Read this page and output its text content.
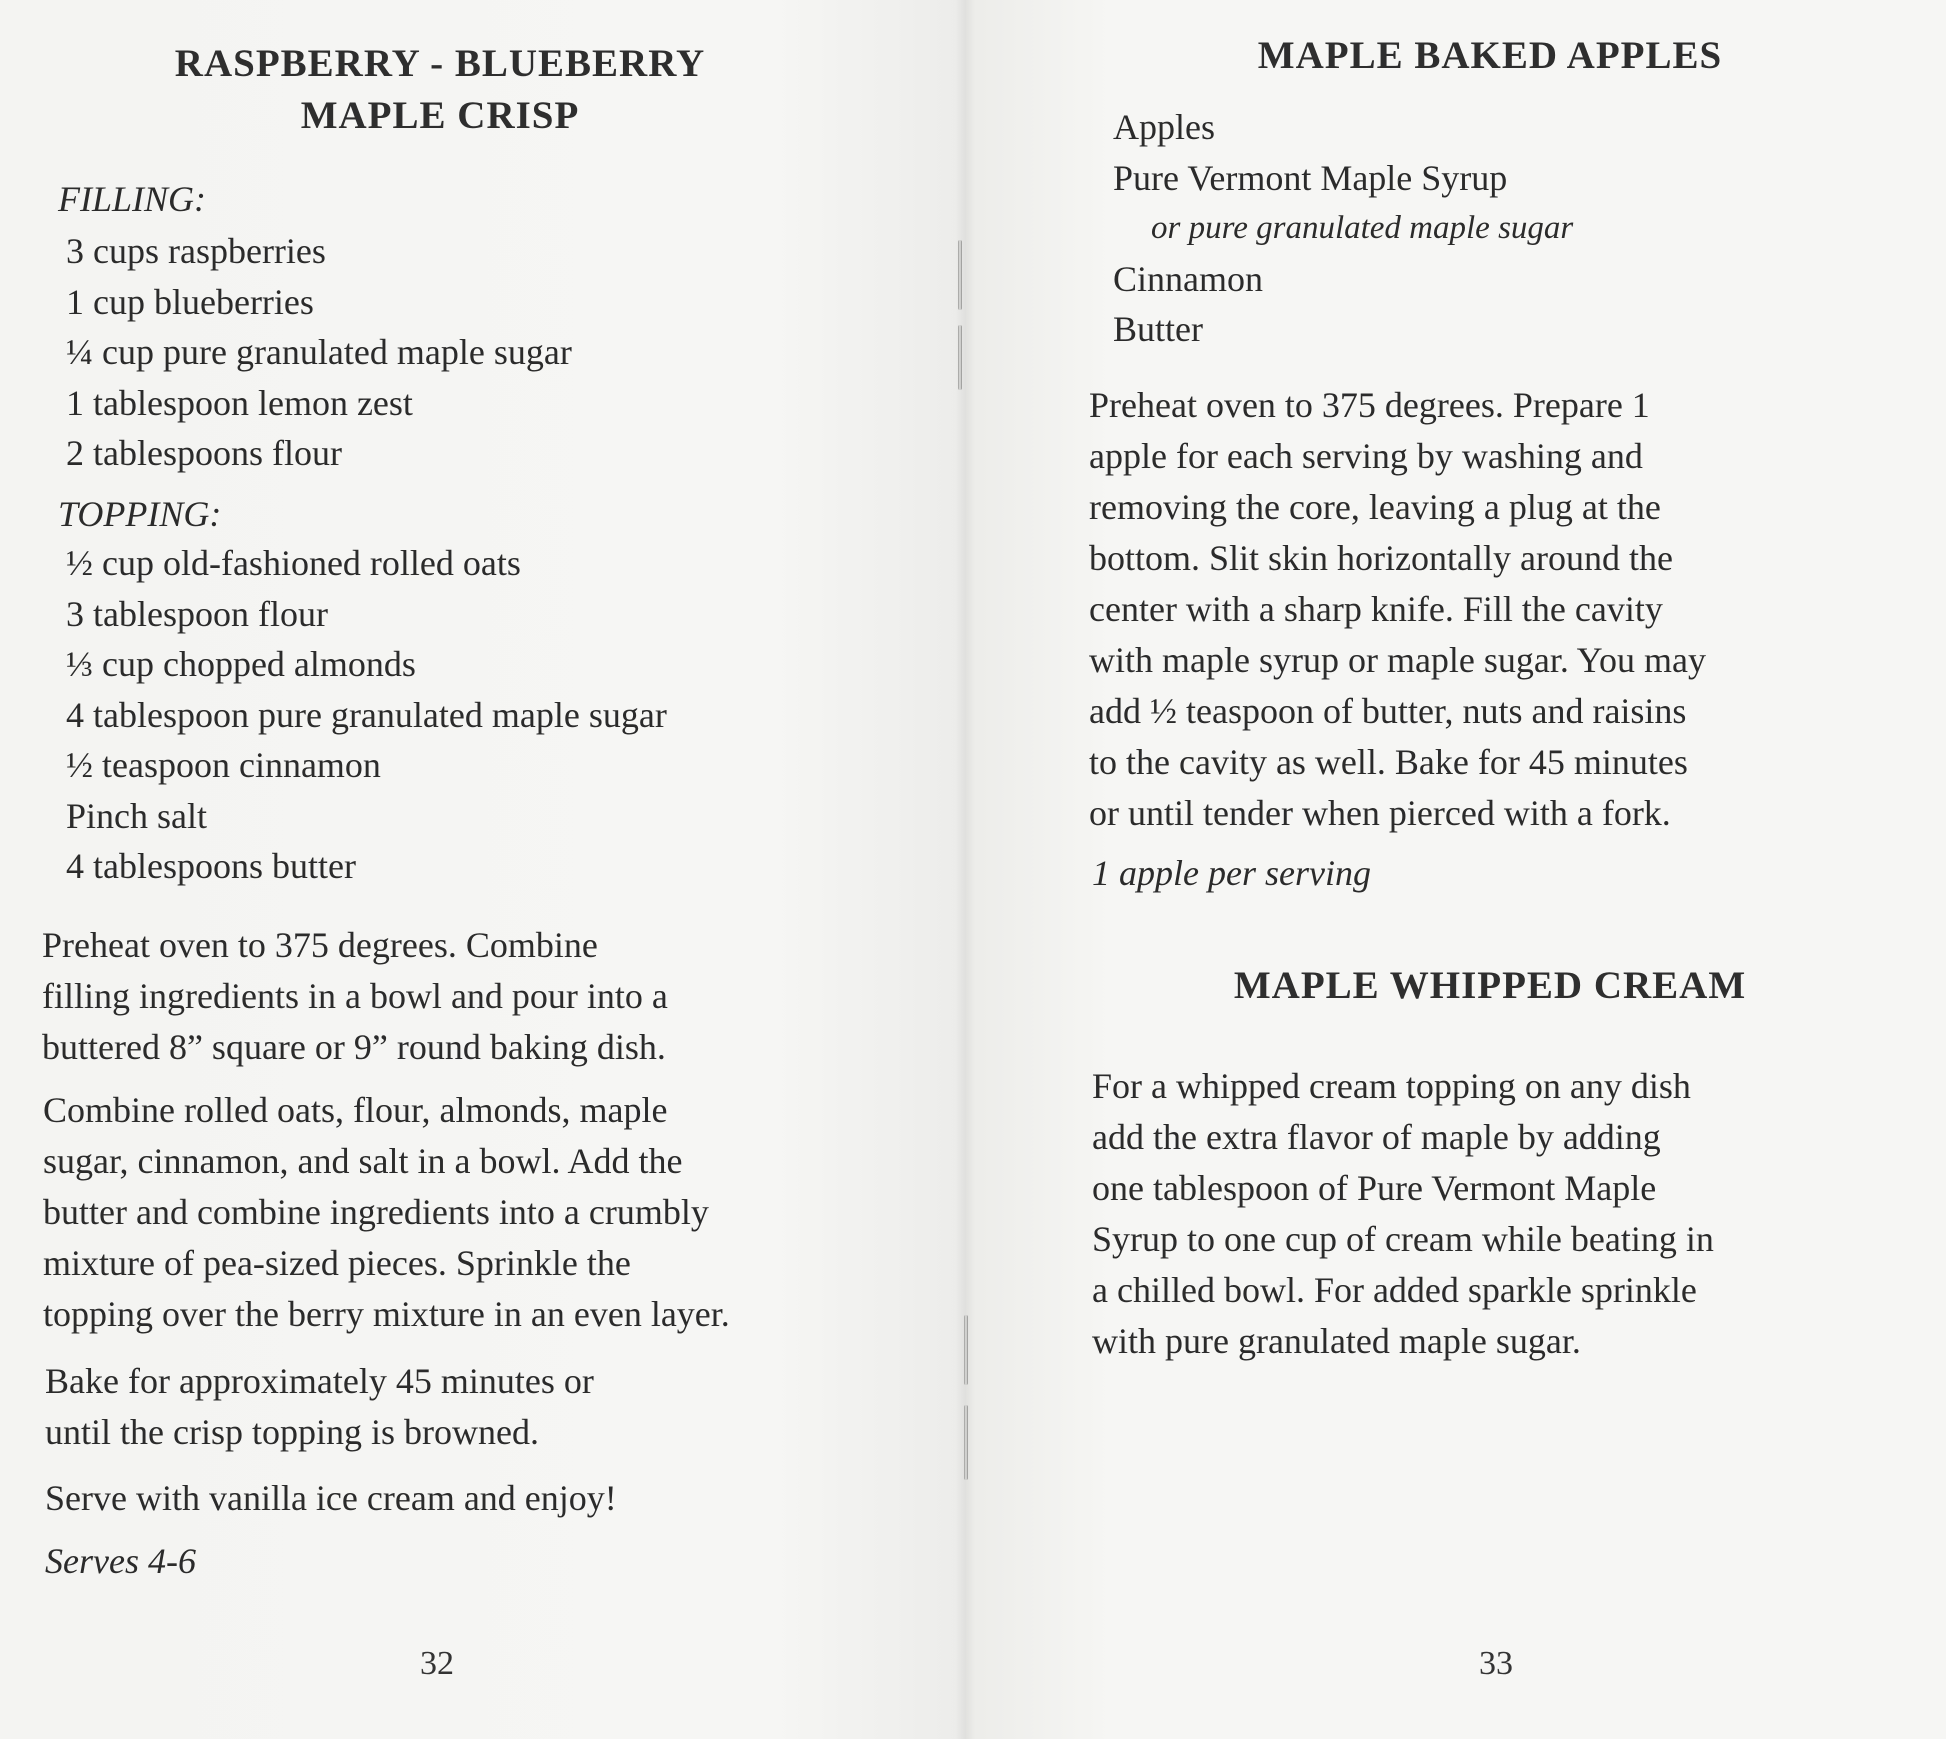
RASPBERRY - BLUEBERRY
MAPLE CRISP

FILLING:

3 cups raspberries
1 cup blueberries
¼ cup pure granulated maple sugar
1 tablespoon lemon zest
2 tablespoons flour

TOPPING:

½ cup old-fashioned rolled oats
3 tablespoon flour
⅓ cup chopped almonds
4 tablespoon pure granulated maple sugar
½ teaspoon cinnamon
Pinch salt
4 tablespoons butter
Preheat oven to 375 degrees. Combine
filling ingredients in a bowl and pour into a
buttered 8” square or 9” round baking dish.
Combine rolled oats, flour, almonds, maple
sugar, cinnamon, and salt in a bowl. Add the
butter and combine ingredients into a crumbly
mixture of pea-sized pieces. Sprinkle the
topping over the berry mixture in an even layer.
Bake for approximately 45 minutes or
until the crisp topping is browned.
Serve with vanilla ice cream and enjoy!

Serves 4-6

32

MAPLE BAKED APPLES
Apples
Pure Vermont Maple Syrup
or pure granulated maple sugar
Cinnamon
Butter
Preheat oven to 375 degrees. Prepare 1
apple for each serving by washing and
removing the core, leaving a plug at the
bottom. Slit skin horizontally around the
center with a sharp knife. Fill the cavity
with maple syrup or maple sugar. You may
add ½ teaspoon of butter, nuts and raisins
to the cavity as well. Bake for 45 minutes
or until tender when pierced with a fork.

1 apple per serving

MAPLE WHIPPED CREAM
For a whipped cream topping on any dish
add the extra flavor of maple by adding
one tablespoon of Pure Vermont Maple
Syrup to one cup of cream while beating in
a chilled bowl. For added sparkle sprinkle
with pure granulated maple sugar.

33
